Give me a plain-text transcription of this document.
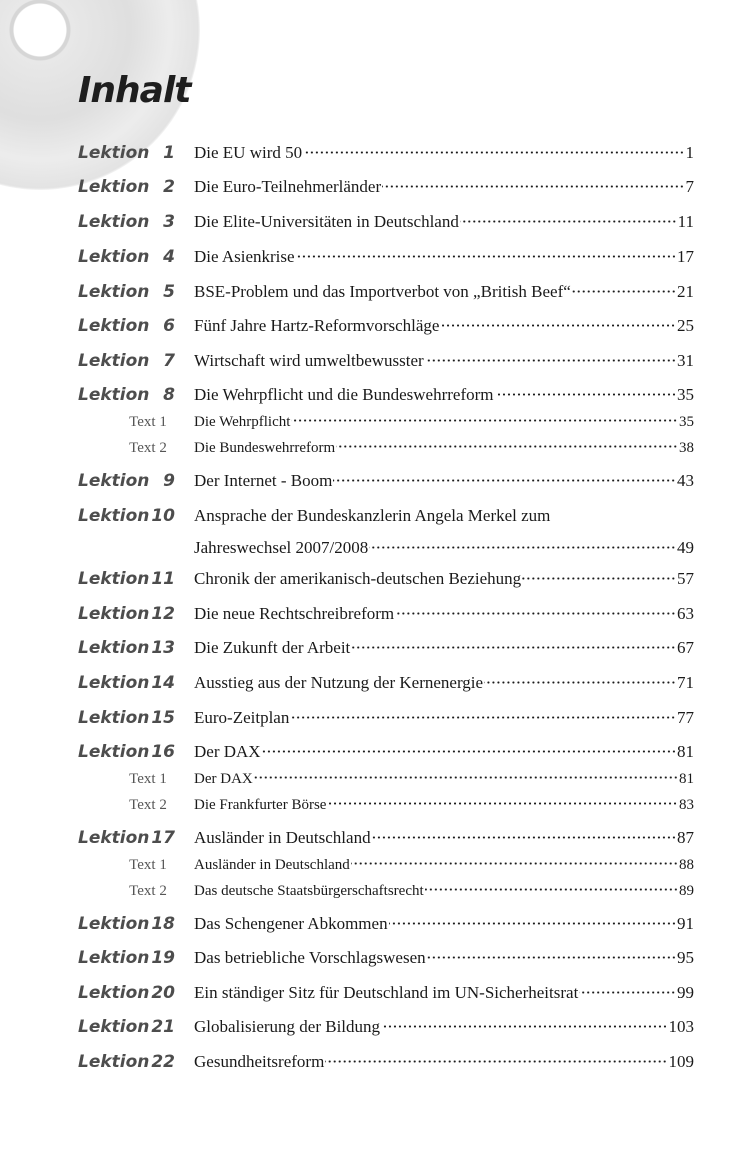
Inhalt
Lektion 1 Die EU wird 50	1
Lektion 2 Die Euro-Teilnehmerländer	7
Lektion 3 Die Elite-Universitäten in Deutschland	11
Lektion 4 Die Asienkrise	17
Lektion 5 BSE-Problem und das Importverbot von „British Beef“	21
Lektion 6 Fünf Jahre Hartz-Reformvorschläge	25
Lektion 7 Wirtschaft wird umweltbewusster	31
Lektion 8 Die Wehrpflicht und die Bundeswehrreform	35
Text 1	Die Wehrpflicht	35
Text 2	Die Bundeswehrreform	38
Lektion 9 Der Internet - Boom	43
Lektion 10 Ansprache der Bundeskanzlerin Angela Merkel zum
Jahreswechsel 2007/2008	49
Lektion 11 Chronik der amerikanisch-deutschen Beziehung	57
Lektion 12 Die neue Rechtschreibreform	63
Lektion 13 Die Zukunft der Arbeit	67
Lektion 14 Ausstieg aus der Nutzung der Kernenergie	71
Lektion 15 Euro-Zeitplan	77
Lektion 16 Der DAX	81
Text 1	Der DAX	81
Text 2	Die Frankfurter Börse	83
Lektion 17 Ausländer in Deutschland	87
Text 1	Ausländer in Deutschland	88
Text 2	Das deutsche Staatsbürgerschaftsrecht	89
Lektion 18 Das Schengener Abkommen	91
Lektion 19 Das betriebliche Vorschlagswesen	95
Lektion 20 Ein ständiger Sitz für Deutschland im UN-Sicherheitsrat	99
Lektion 21 Globalisierung der Bildung	103
Lektion 22 Gesundheitsreform	109
